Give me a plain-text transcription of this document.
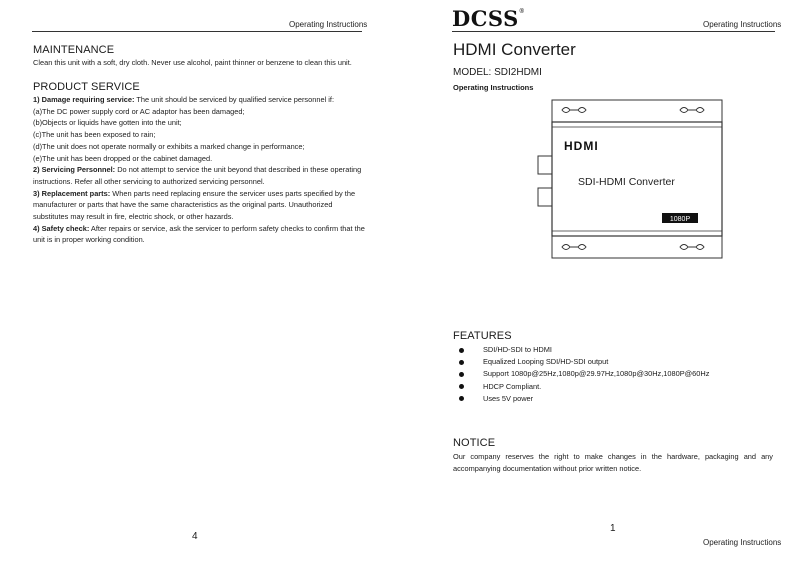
Operating Instructions
MAINTENANCE
Clean this unit with a soft, dry cloth. Never use alcohol, paint thinner or benzene to clean this unit.
PRODUCT SERVICE
1) Damage requiring service: The unit should be serviced by qualified service personnel if:
(a)The DC power supply cord or AC adaptor has been damaged;
(b)Objects or liquids have gotten into the unit;
(c)The unit has been exposed to rain;
(d)The unit does not operate normally or exhibits a marked change in performance;
(e)The unit has been dropped or the cabinet damaged.
2) Servicing Personnel: Do not attempt to service the unit beyond that described in these operating
instructions. Refer all other servicing to authorized servicing personnel.
3) Replacement parts: When parts need replacing ensure the servicer uses parts specified by the
manufacturer or parts that have the same characteristics as the original parts. Unauthorized
substitutes may result in fire, electric shock, or other hazards.
4) Safety check: After repairs or service, ask the servicer to perform safety checks to confirm that the
unit is in proper working condition.
4
DCSS®
Operating Instructions
HDMI Converter
MODEL: SDI2HDMI
Operating Instructions
HDMI
SDI-HDMI Converter
1080P
FEATURES
SDI/HD-SDI to HDMI
Equalized Looping SDI/HD-SDI output
Support 1080p@25Hz,1080p@29.97Hz,1080p@30Hz,1080P@60Hz
HDCP Compliant.
Uses 5V power
NOTICE
Our company reserves the right to make changes in the hardware, packaging and any accompanying documentation without prior written notice.
1
Operating Instructions
